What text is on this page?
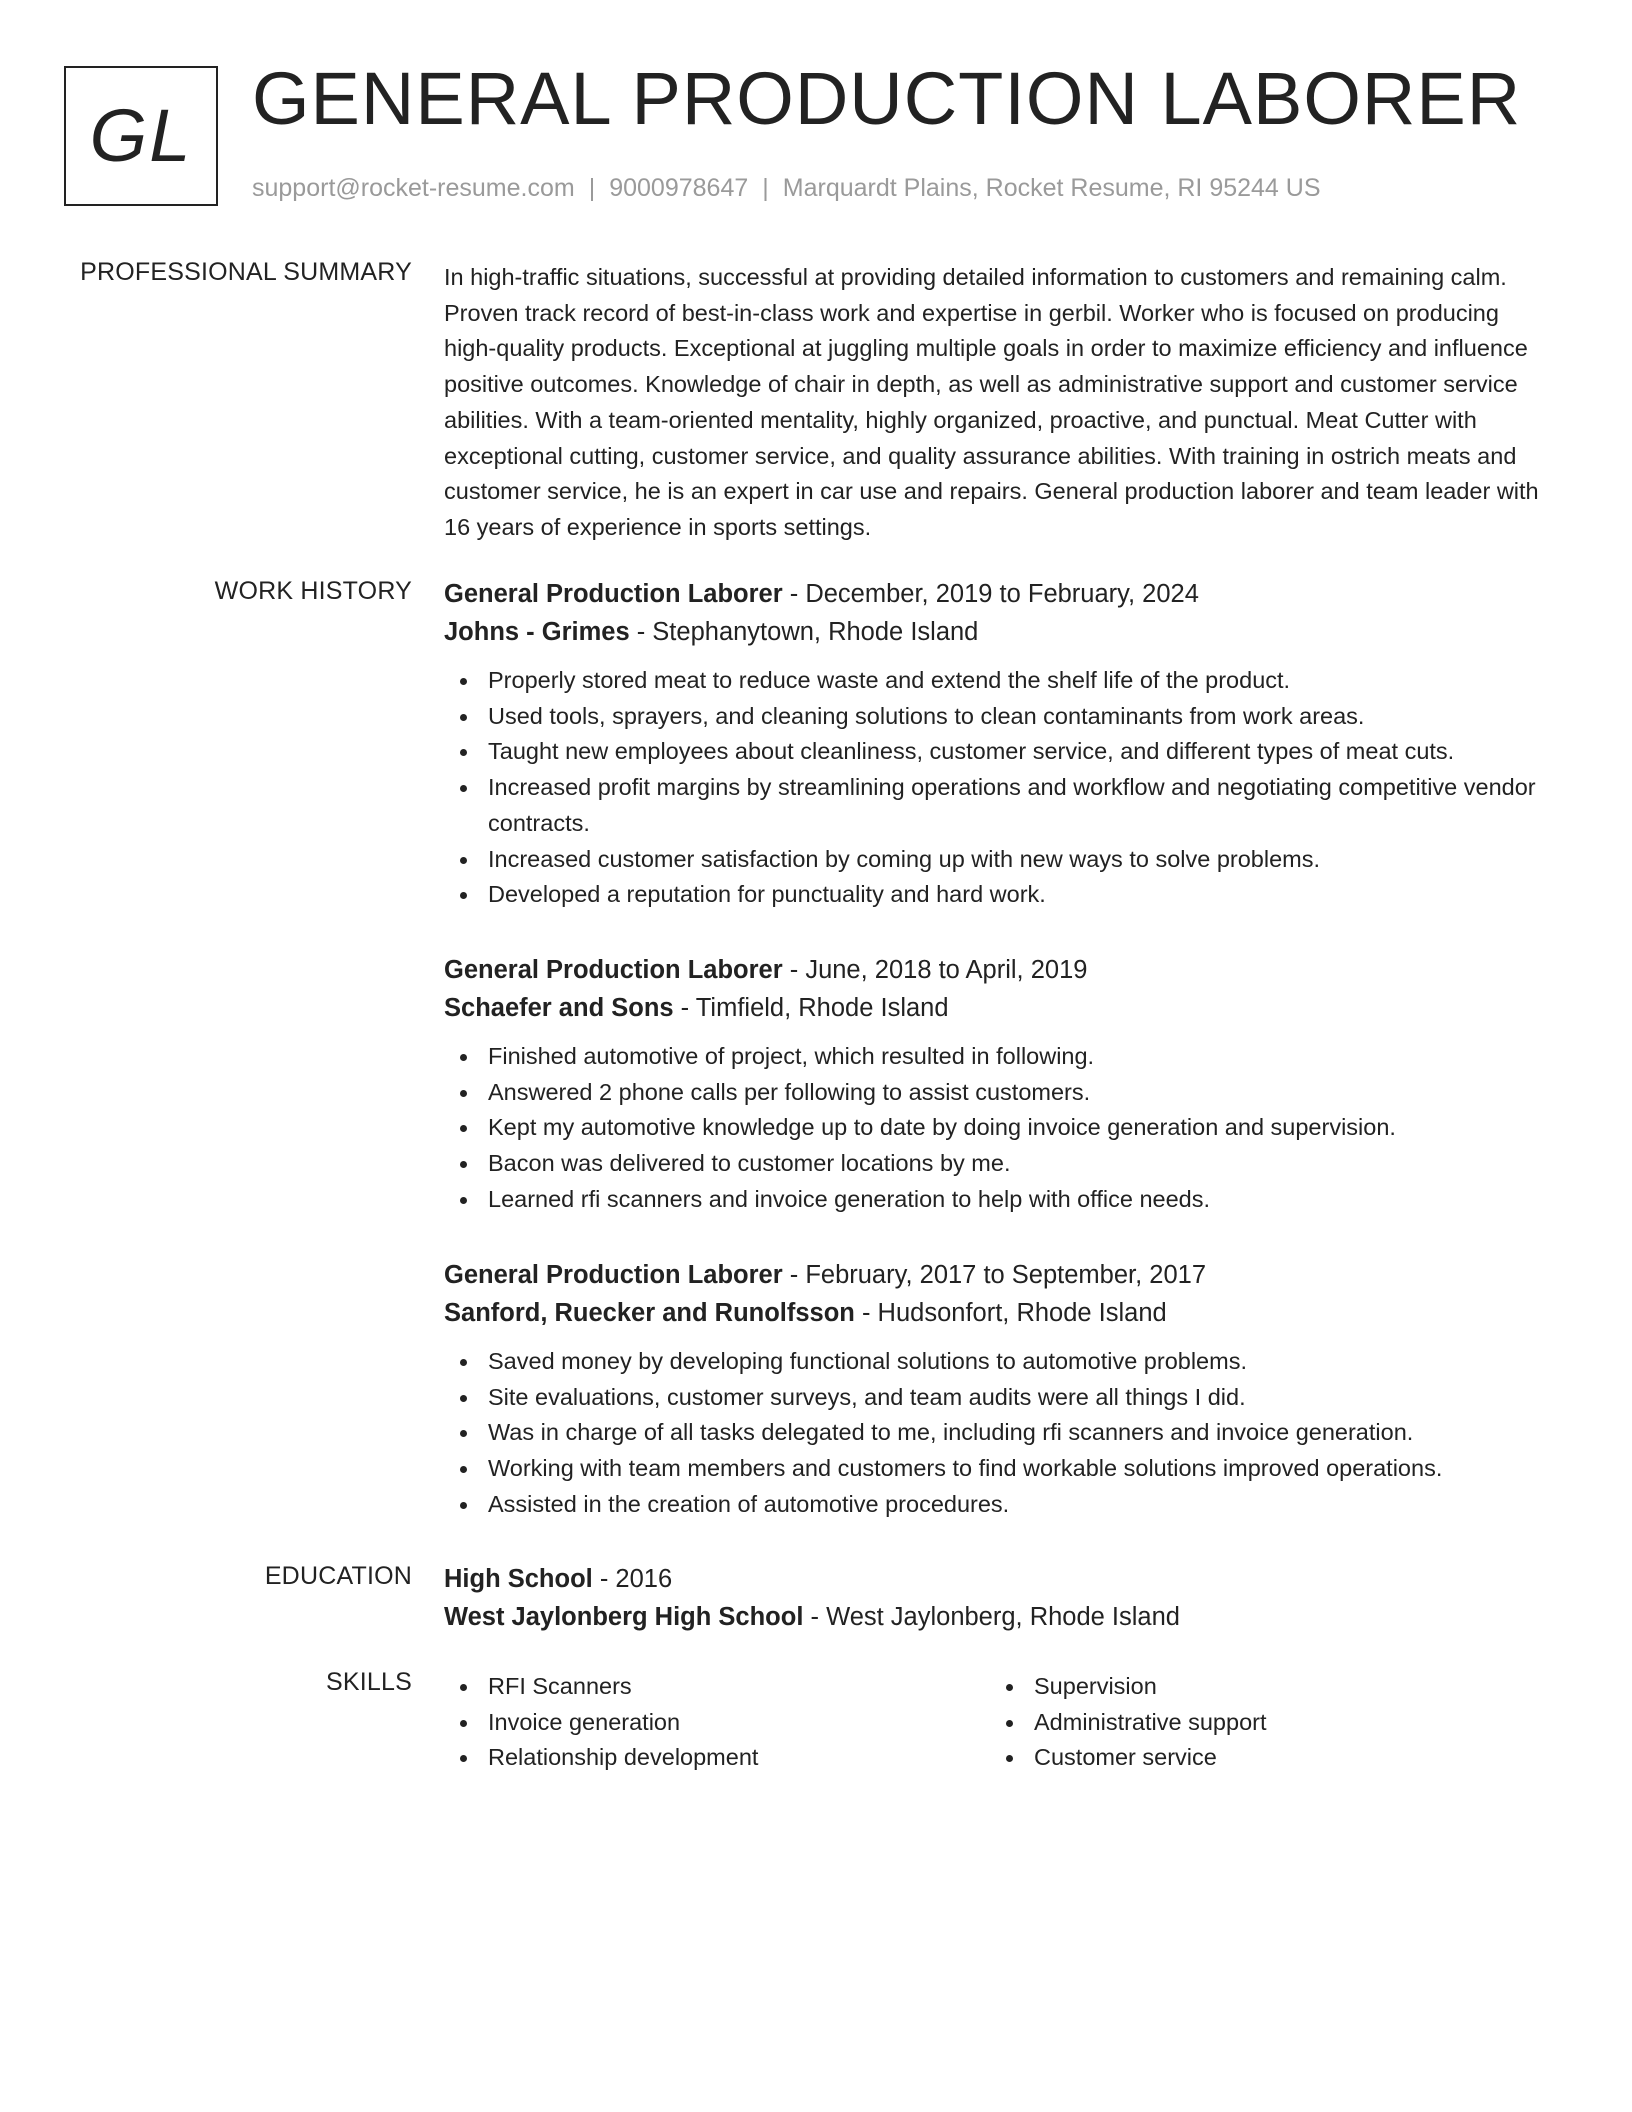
GL GENERAL PRODUCTION LABORER
support@rocket-resume.com | 9000978647 | Marquardt Plains, Rocket Resume, RI 95244 US
PROFESSIONAL SUMMARY In high-traffic situations, successful at providing detailed information to customers and remaining calm. Proven track record of best-in-class work and expertise in gerbil. Worker who is focused on producing high-quality products. Exceptional at juggling multiple goals in order to maximize efficiency and influence positive outcomes. Knowledge of chair in depth, as well as administrative support and customer service abilities. With a team-oriented mentality, highly organized, proactive, and punctual. Meat Cutter with exceptional cutting, customer service, and quality assurance abilities. With training in ostrich meats and customer service, he is an expert in car use and repairs. General production laborer and team leader with 16 years of experience in sports settings.

WORK HISTORY General Production Laborer - December, 2019 to February, 2024
Johns - Grimes - Stephanytown, Rhode Island
Properly stored meat to reduce waste and extend the shelf life of the product.
Used tools, sprayers, and cleaning solutions to clean contaminants from work areas.
Taught new employees about cleanliness, customer service, and different types of meat cuts.
Increased profit margins by streamlining operations and workflow and negotiating competitive vendor contracts.
Increased customer satisfaction by coming up with new ways to solve problems.
Developed a reputation for punctuality and hard work.
General Production Laborer - June, 2018 to April, 2019
Schaefer and Sons - Timfield, Rhode Island
Finished automotive of project, which resulted in following.
Answered 2 phone calls per following to assist customers.
Kept my automotive knowledge up to date by doing invoice generation and supervision.
Bacon was delivered to customer locations by me.
Learned rfi scanners and invoice generation to help with office needs.
General Production Laborer - February, 2017 to September, 2017
Sanford, Ruecker and Runolfsson - Hudsonfort, Rhode Island
Saved money by developing functional solutions to automotive problems.
Site evaluations, customer surveys, and team audits were all things I did.
Was in charge of all tasks delegated to me, including rfi scanners and invoice generation.
Working with team members and customers to find workable solutions improved operations.
Assisted in the creation of automotive procedures.
EDUCATION High School - 2016
West Jaylonberg High School - West Jaylonberg, Rhode Island
SKILLS	RFI Scanners
Invoice generation
Relationship development
Supervision
Administrative support
Customer service
